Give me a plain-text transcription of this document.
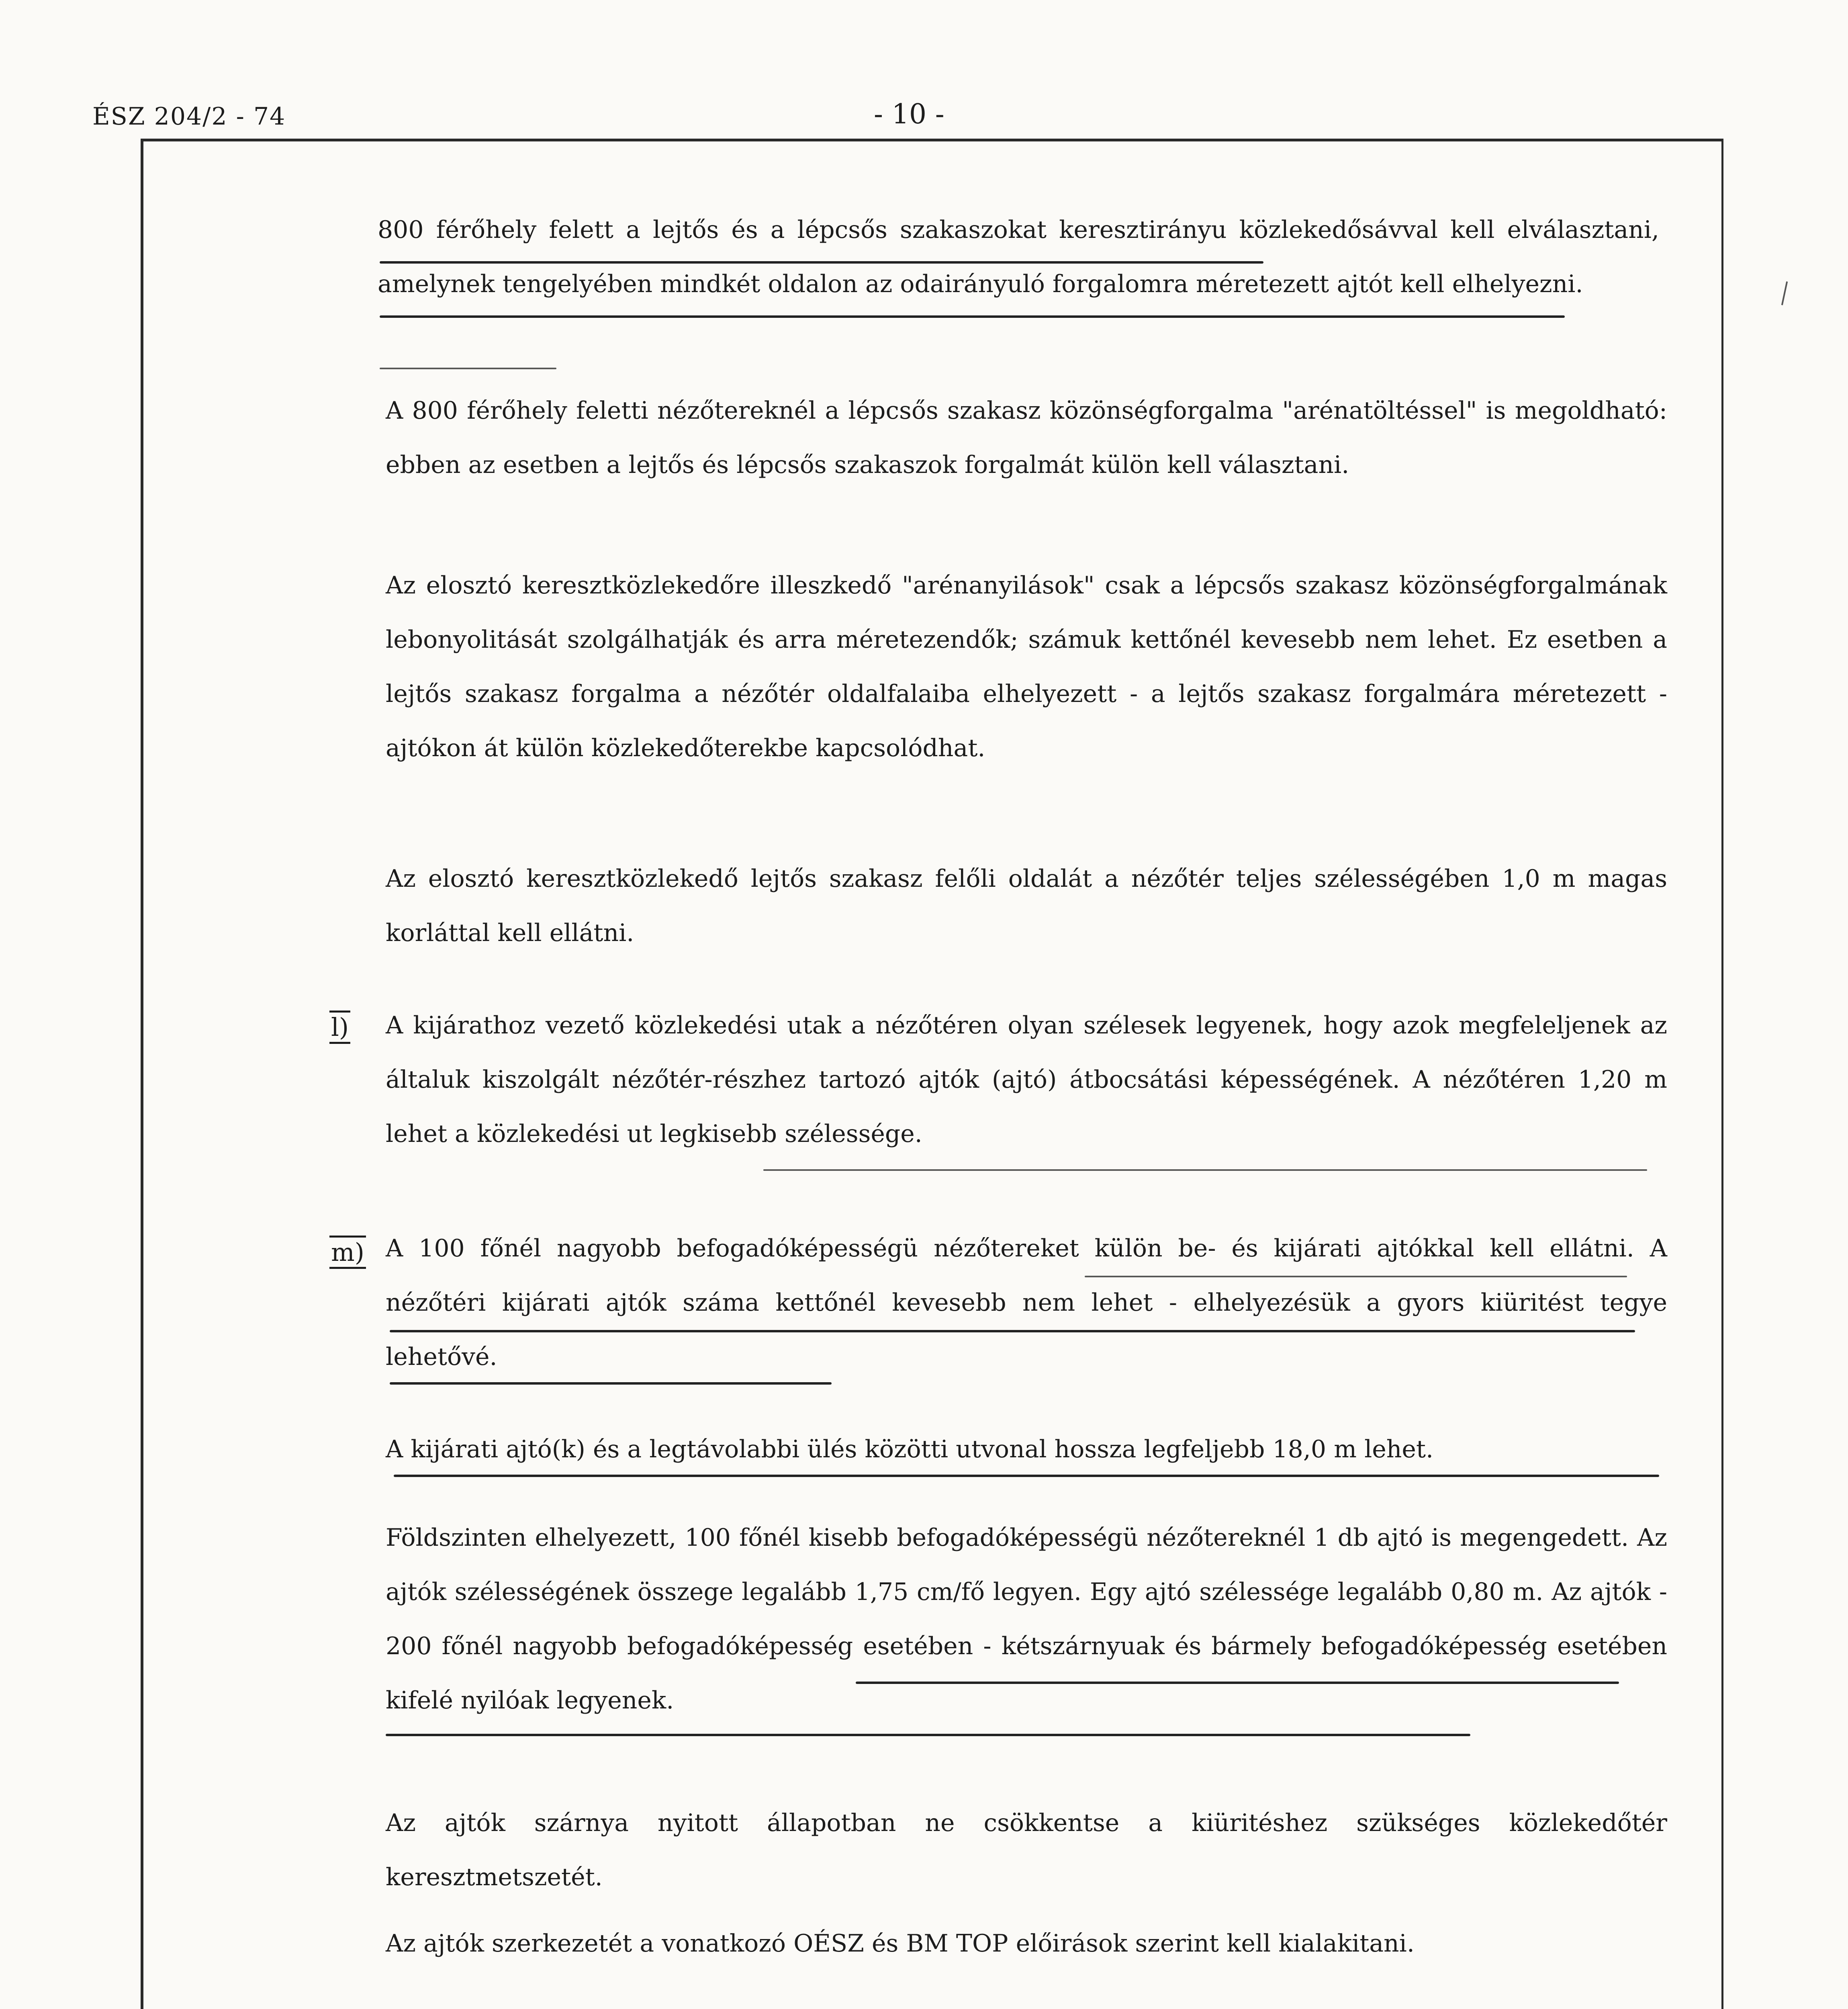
ÉSZ 204/2 - 74	- 10 -
800 férőhely felett a lejtős és a lépcsős szakaszokat keresztirányu közlekedősávval kell elválasztani, amelynek tengelyében mindkét oldalon az odairányuló forgalomra méretezett ajtót kell elhelyezni.
A 800 férőhely feletti nézőtereknél a lépcsős szakasz közönségforgalma "arénatöltéssel" is megoldható: ebben az esetben a lejtős és lépcsős szakaszok forgalmát külön kell választani.
Az elosztó keresztközlekedőre illeszkedő "arénanyilások" csak a lépcsős szakasz közönségforgalmának lebonyolitását szolgálhatják és arra méretezendők; számuk kettőnél kevesebb nem lehet. Ez esetben a lejtős szakasz forgalma a nézőtér oldalfalaiba elhelyezett - a lejtős szakasz forgalmára méretezett - ajtókon át külön közlekedőterekbe kapcsolódhat.
Az elosztó keresztközlekedő lejtős szakasz felőli oldalát a nézőtér teljes szélességében 1,0 m magas korláttal kell ellátni.
l) A kijárathoz vezető közlekedési utak a nézőtéren olyan szélesek legyenek, hogy azok megfeleljenek az általuk kiszolgált nézőtér-részhez tartozó ajtók (ajtó) átbocsátási képességének. A nézőtéren 1,20 m lehet a közlekedési ut legkisebb szélessége.
m) A 100 főnél nagyobb befogadóképességü nézőtereket külön be- és kijárati ajtókkal kell ellátni. A nézőtéri kijárati ajtók száma kettőnél kevesebb nem lehet - elhelyezésük a gyors kiüritést tegye lehetővé.
A kijárati ajtó(k) és a legtávolabbi ülés közötti utvonal hossza legfeljebb 18,0 m lehet.
Földszinten elhelyezett, 100 főnél kisebb befogadóképességü nézőtereknél 1 db ajtó is megengedett. Az ajtók szélességének összege legalább 1,75 cm/fő legyen. Egy ajtó szélessége legalább 0,80 m. Az ajtók - 200 főnél nagyobb befogadóképesség esetében - kétszárnyuak és bármely befogadóképesség esetében kifelé nyilóak legyenek.
Az ajtók szárnya nyitott állapotban ne csökkentse a kiüritéshez szükséges közlekedőtér keresztmetszetét.
Az ajtók szerkezetét a vonatkozó OÉSZ és BM TOP előirások szerint kell kialakitani.
